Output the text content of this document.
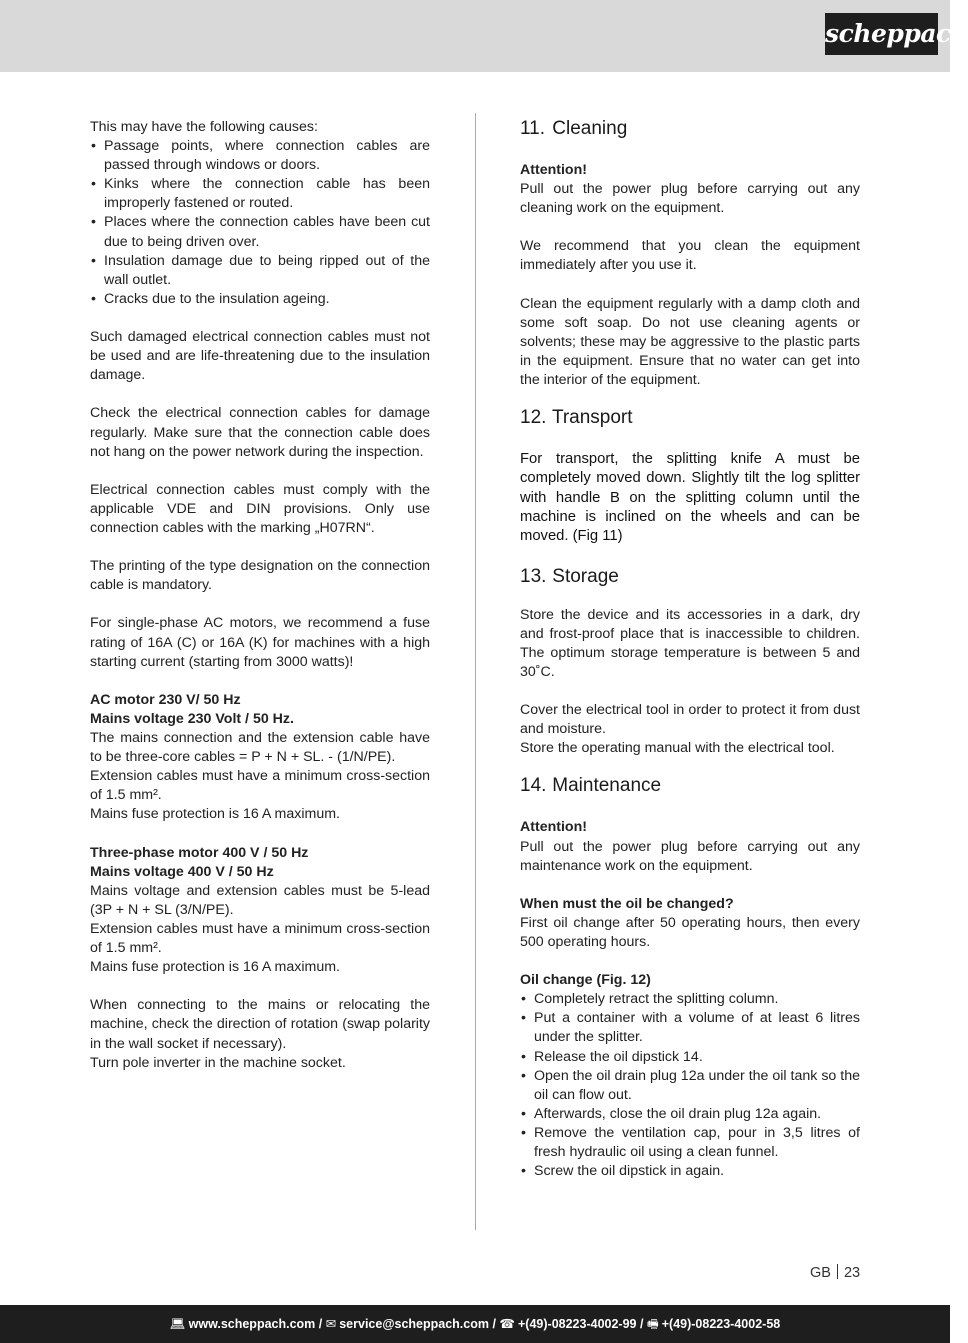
scheppach

This may have the following causes:

• Passage points, where connection cables are passed through windows or doors.
• Kinks where the connection cable has been improperly fastened or routed.
• Places where the connection cables have been cut due to being driven over.
• Insulation damage due to being ripped out of the wall outlet.
• Cracks due to the insulation ageing.

Such damaged electrical connection cables must not be used and are life-threatening due to the insulation damage.

Check the electrical connection cables for damage regularly. Make sure that the connection cable does not hang on the power network during the inspection.

Electrical connection cables must comply with the applicable VDE and DIN provisions. Only use connection cables with the marking „H07RN“.

The printing of the type designation on the connection cable is mandatory.

For single-phase AC motors, we recommend a fuse rating of 16A (C) or 16A (K) for machines with a high starting current (starting from 3000 watts)!

AC motor 230 V/ 50 Hz

Mains voltage 230 Volt / 50 Hz.

The mains connection and the extension cable have to be three-core cables = P + N + SL. - (1/N/PE).

Extension cables must have a minimum cross-section of 1.5 mm².

Mains fuse protection is 16 A maximum.

Three-phase motor 400 V / 50 Hz

Mains voltage 400 V / 50 Hz

Mains voltage and extension cables must be 5-lead (3P + N + SL (3/N/PE).

Extension cables must have a minimum cross-section of 1.5 mm².

Mains fuse protection is 16 A maximum.

When connecting to the mains or relocating the machine, check the direction of rotation (swap polarity in the wall socket if necessary).

Turn pole inverter in the machine socket.

11. Cleaning

Attention!

Pull out the power plug before carrying out any cleaning work on the equipment.

We recommend that you clean the equipment immediately after you use it.

Clean the equipment regularly with a damp cloth and some soft soap. Do not use cleaning agents or solvents; these may be aggressive to the plastic parts in the equipment. Ensure that no water can get into the interior of the equipment.

12. Transport

For transport, the splitting knife A must be completely moved down. Slightly tilt the log splitter with handle B on the splitting column until the machine is inclined on the wheels and can be moved. (Fig 11)

13. Storage

Store the device and its accessories in a dark, dry and frost-proof place that is inaccessible to children. The optimum storage temperature is between 5 and 30˚C.

Cover the electrical tool in order to protect it from dust and moisture.

Store the operating manual with the electrical tool.

14. Maintenance

Attention!

Pull out the power plug before carrying out any maintenance work on the equipment.

When must the oil be changed?

First oil change after 50 operating hours, then every 500 operating hours.

Oil change (Fig. 12)

• Completely retract the splitting column.
• Put a container with a volume of at least 6 litres under the splitter.
• Release the oil dipstick 14.
• Open the oil drain plug 12a under the oil tank so the oil can flow out.
• Afterwards, close the oil drain plug 12a again.
• Remove the ventilation cap, pour in 3,5 litres of fresh hydraulic oil using a clean funnel.
• Screw the oil dipstick in again.
GB 23
💻︎ www.scheppach.com / ✉︎ service@scheppach.com / ☎︎ +(49)-08223-4002-99 / 🖷︎ +(49)-08223-4002-58
